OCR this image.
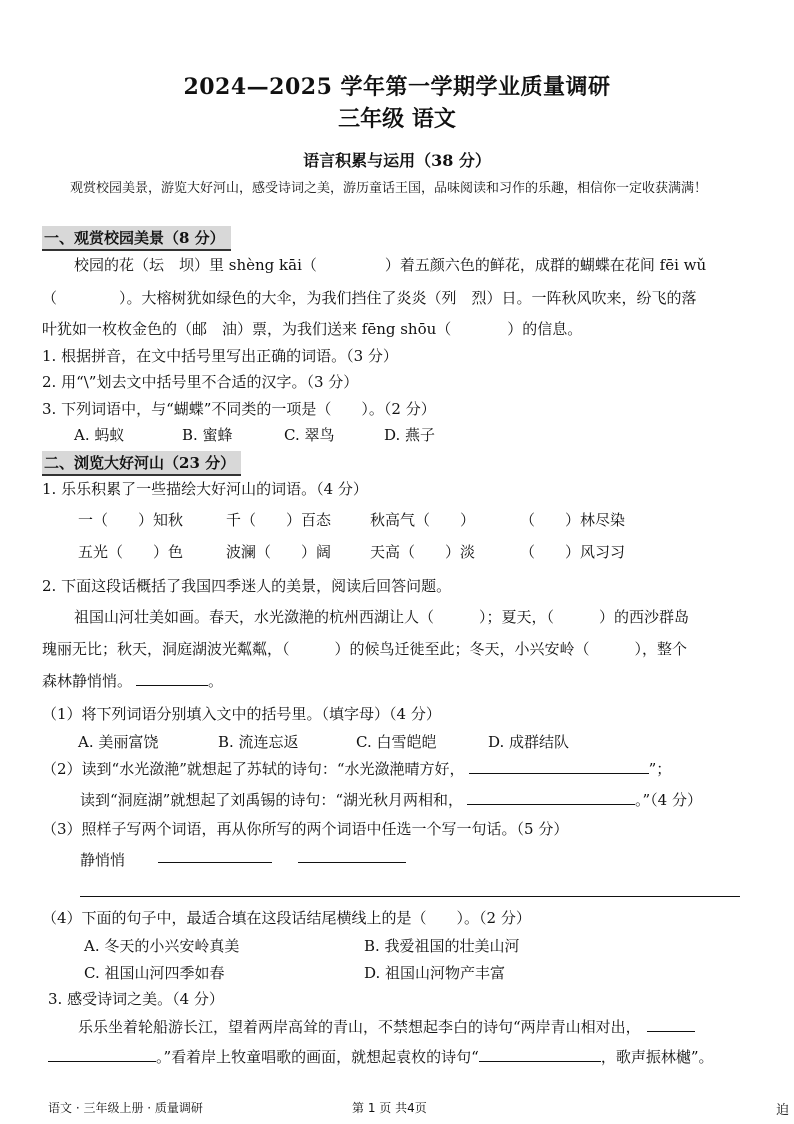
2024—2025 学年第一学期学业质量调研
三年级 语文
语言积累与运用（38 分）
观赏校园美景，游览大好河山，感受诗词之美，游历童话王国，品味阅读和习作的乐趣，相信你一定收获满满！
一、观赏校园美景（8 分）
校园的花（坛　坝）里 shèng kāi（	）着五颜六色的鲜花，成群的蝴蝶在花间 fēi wǔ
（	）。大榕树犹如绿色的大伞，为我们挡住了炎炎（列　烈）日。一阵秋风吹来，纷飞的落
叶犹如一枚枚金色的（邮　油）票，为我们送来 fēng shōu（	）的信息。
1. 根据拼音，在文中括号里写出正确的词语。（3 分）
2. 用“\”划去文中括号里不合适的汉字。（3 分）
3. 下列词语中，与“蝴蝶”不同类的一项是（　　）。（2 分）
A. 蚂蚁	B. 蜜蜂	C. 翠鸟	D. 燕子
二、浏览大好河山（23 分）
1. 乐乐积累了一些描绘大好河山的词语。（4 分）
一（　　）知秋	千（　　）百态	秋高气（　　）	（　　）林尽染
五光（　　）色	波澜（　　）阔	天高（　　）淡	（　　）风习习
2. 下面这段话概括了我国四季迷人的美景，阅读后回答问题。
祖国山河壮美如画。春天，水光潋滟的杭州西湖让人（　　　）；夏天，（　　　）的西沙群岛
瑰丽无比；秋天，洞庭湖波光粼粼，（　　　）的候鸟迁徙至此；冬天，小兴安岭（　　　），整个
森林静悄悄。	。
（1）将下列词语分别填入文中的括号里。（填字母）（4 分）
A. 美丽富饶	B. 流连忘返	C. 白雪皑皑	D. 成群结队
（2）读到“水光潋滟”就想起了苏轼的诗句：“水光潋滟晴方好，	”；
读到“洞庭湖”就想起了刘禹锡的诗句：“湖光秋月两相和，	。”（4 分）
（3）照样子写两个词语，再从你所写的两个词语中任选一个写一句话。（5 分）
静悄悄
（4）下面的句子中，最适合填在这段话结尾横线上的是（　　）。（2 分）
A. 冬天的小兴安岭真美	B. 我爱祖国的壮美山河
C. 祖国山河四季如春	D. 祖国山河物产丰富
3. 感受诗词之美。（4 分）
乐乐坐着轮船游长江，望着两岸高耸的青山，不禁想起李白的诗句“两岸青山相对出，
。”看着岸上牧童唱歌的画面，就想起袁枚的诗句“	，歌声振林樾”。
语文 · 三年级上册 · 质量调研	第 1 页 共4页	迫
